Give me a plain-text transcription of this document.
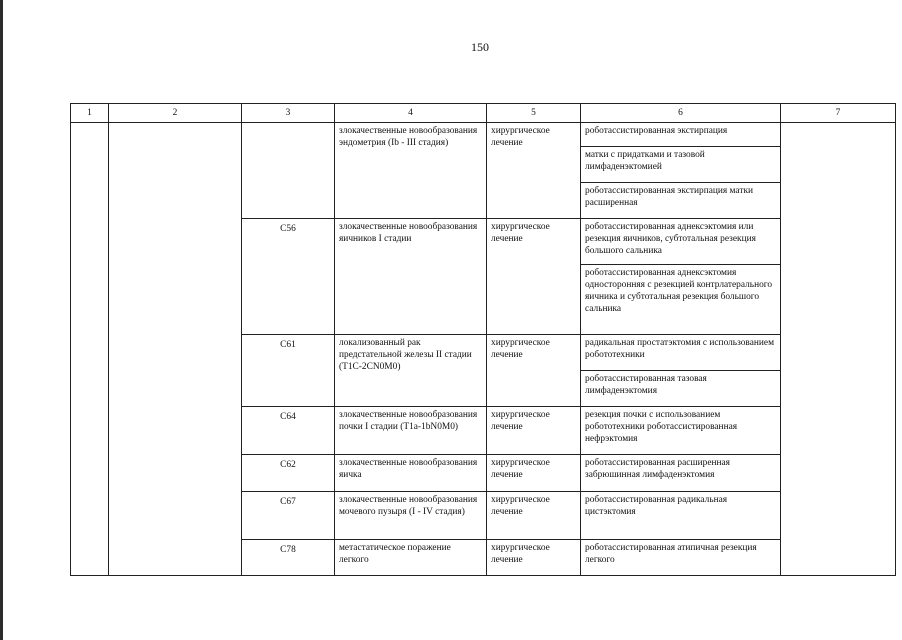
150
1	2	3	4	5	6	7
			злокачественные новообразования эндометрия (Ib - III стадия)	хирургическое лечение	роботассистированная экстирпация	
					матки с придатками и тазовой лимфаденэктомией	
					роботассистированная экстирпация матки расширенная	
		C56	злокачественные новообразования яичников I стадии	хирургическое лечение	роботассистированная аднексэктомия или резекция яичников, субтотальная резекция большого сальника	
					роботассистированная аднексэктомия односторонняя с резекцией контрлатерального яичника и субтотальная резекция большого сальника	
		C61	локализованный рак предстательной железы II стадии (T1C-2CN0M0)	хирургическое лечение	радикальная простатэктомия с использованием робототехники	
					роботассистированная тазовая лимфаденэктомия	
		C64	злокачественные новообразования почки I стадии (T1a-1bN0M0)	хирургическое лечение	резекция почки с использованием робототехники роботассистированная нефрэктомия	
		C62	злокачественные новообразования яичка	хирургическое лечение	роботассистированная расширенная забрюшинная лимфаденэктомия	
		C67	злокачественные новообразования мочевого пузыря (I - IV стадия)	хирургическое лечение	роботассистированная радикальная цистэктомия	
		C78	метастатическое поражение легкого	хирургическое лечение	роботассистированная атипичная резекция легкого	
